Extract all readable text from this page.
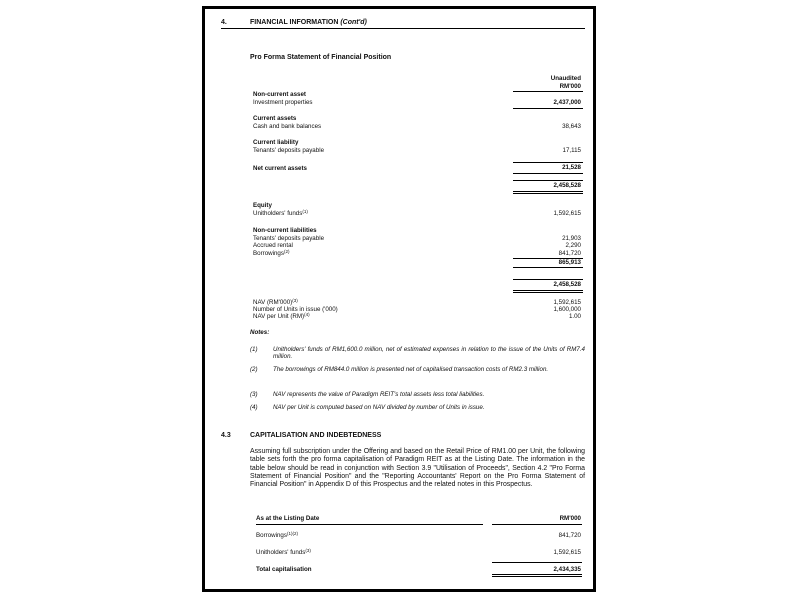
4.	FINANCIAL INFORMATION (Cont'd)
Pro Forma Statement of Financial Position
Unaudited
RM'000
Non-current asset
Investment properties	2,437,000
Current assets
Cash and bank balances	38,643
Current liability
Tenants' deposits payable	17,115
Net current assets	21,528
2,458,528
Equity
Unitholders' funds$^{(1)}$	1,592,615
Non-current liabilities
Tenants' deposits payable	21,903
Accrued rental	2,290
Borrowings$^{(2)}$	841,720
865,913
2,458,528
NAV $(RM'000)^{(3)}$	1,592,615
Number of Units in issue ('000)	1,600,000
NAV per Unit (RM)$^{(4)}$	1.00
Notes:
(1) Unitholders' funds of RM1,600.0 million, net of estimated expenses in relation to the issue of the Units of RM7.4 million.
(2) The borrowings of RM844.0 million is presented net of capitalised transaction costs of RM2.3 million.
(3) NAV represents the value of Paradigm REIT's total assets less total liabilities.
(4) NAV per Unit is computed based on NAV divided by number of Units in issue.
4.3	CAPITALISATION AND INDEBTEDNESS
Assuming full subscription under the Offering and based on the Retail Price of RM1.00 per Unit, the following table sets forth the pro forma capitalisation of Paradigm REIT as at the Listing Date. The information in the table below should be read in conjunction with Section 3.9 "Utilisation of Proceeds", Section 4.2 "Pro Forma Statement of Financial Position" and the "Reporting Accountants' Report on the Pro Forma Statement of Financial Position" in Appendix D of this Prospectus and the related notes in this Prospectus.
As at the Listing Date	RM'000
Borrowings$^{(1)(2)}$	841,720
Unitholders' funds$^{(3)}$	1,592,615
Total capitalisation	2,434,335
